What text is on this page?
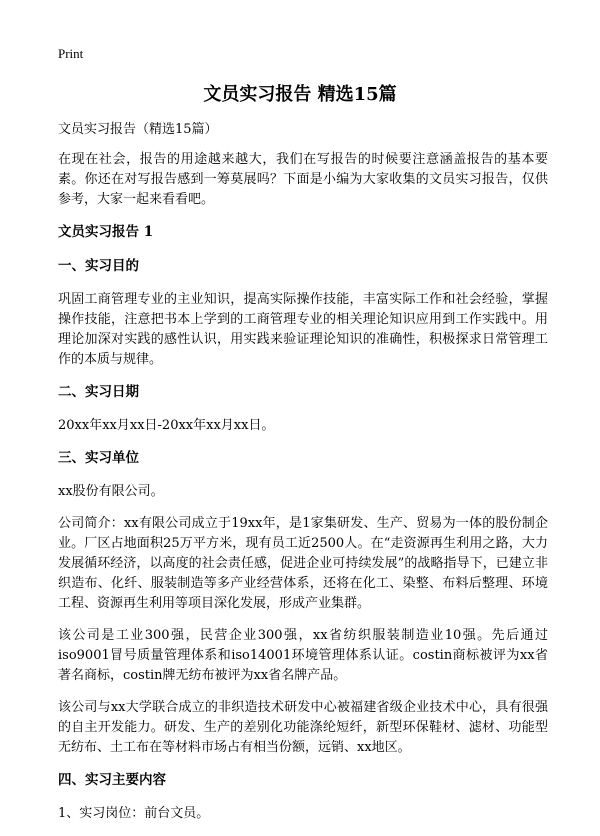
Print
文员实习报告 精选15篇

文员实习报告（精选15篇）

在现在社会，报告的用途越来越大，我们在写报告的时候要注意涵盖报告的基本要素。你还在对写报告感到一筹莫展吗？下面是小编为大家收集的文员实习报告，仅供参考，大家一起来看看吧。

文员实习报告 1

一、实习目的

巩固工商管理专业的主业知识，提高实际操作技能，丰富实际工作和社会经验，掌握操作技能，注意把书本上学到的工商管理专业的相关理论知识应用到工作实践中。用理论加深对实践的感性认识，用实践来验证理论知识的准确性，积极探求日常管理工作的本质与规律。

二、实习日期

20xx年xx月xx日-20xx年xx月xx日。

三、实习单位

xx股份有限公司。

公司简介：xx有限公司成立于19xx年，是1家集研发、生产、贸易为一体的股份制企业。厂区占地面积25万平方米，现有员工近2500人。在“走资源再生利用之路，大力发展循环经济，以高度的社会责任感，促进企业可持续发展”的战略指导下，已建立非织造布、化纤、服装制造等多产业经营体系，还将在化工、染整、布料后整理、环境工程、资源再生利用等项目深化发展，形成产业集群。

该公司是工业300强，民营企业300强，xx省纺织服装制造业10强。先后通过iso9001冒号质量管理体系和iso14001环境管理体系认证。costin商标被评为xx省著名商标，costin牌无纺布被评为xx省名牌产品。

该公司与xx大学联合成立的非织造技术研发中心被福建省级企业技术中心，具有很强的自主开发能力。研发、生产的差别化功能涤纶短纤，新型环保鞋材、滤材、功能型无纺布、土工布在等材料市场占有相当份额，远销、xx地区。

四、实习主要内容

1、实习岗位：前台文员。
